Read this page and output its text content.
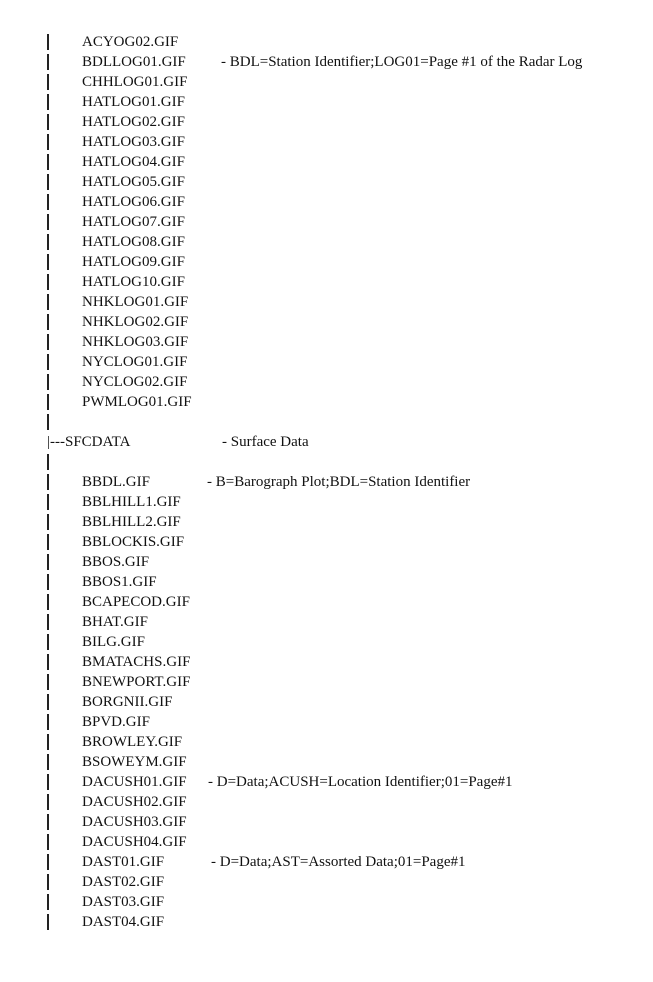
ACYOG02.GIF
BDLLOG01.GIF - BDL=Station Identifier;LOG01=Page #1 of the Radar Log
CHHLOG01.GIF
HATLOG01.GIF
HATLOG02.GIF
HATLOG03.GIF
HATLOG04.GIF
HATLOG05.GIF
HATLOG06.GIF
HATLOG07.GIF
HATLOG08.GIF
HATLOG09.GIF
HATLOG10.GIF
NHKLOG01.GIF
NHKLOG02.GIF
NHKLOG03.GIF
NYCLOG01.GIF
NYCLOG02.GIF
PWMLOG01.GIF
|---SFCDATA	- Surface Data
BBDL.GIF	- B=Barograph Plot;BDL=Station Identifier
BBLHILL1.GIF
BBLHILL2.GIF
BBLOCKIS.GIF
BBOS.GIF
BBOS1.GIF
BCAPECOD.GIF
BHAT.GIF
BILG.GIF
BMATACHS.GIF
BNEWPORT.GIF
BORGNII.GIF
BPVD.GIF
BROWLEY.GIF
BSOWEYM.GIF
DACUSH01.GIF - D=Data;ACUSH=Location Identifier;01=Page#1
DACUSH02.GIF
DACUSH03.GIF
DACUSH04.GIF
DAST01.GIF	- D=Data;AST=Assorted Data;01=Page#1
DAST02.GIF
DAST03.GIF
DAST04.GIF
